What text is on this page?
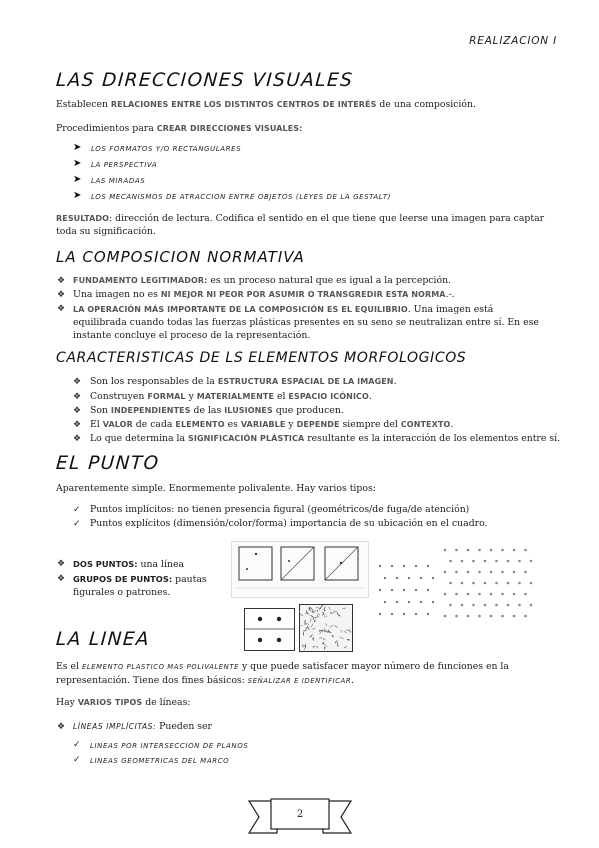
REALIZACION I
LAS DIRECCIONES VISUALES
Establecen RELACIONES ENTRE LOS DISTINTOS CENTROS DE INTERÉS de una composición.
Procedimientos para CREAR DIRECCIONES VISUALES:
➤ LOS FORMATOS Y/O RECTANGULARES
➤ LA PERSPECTIVA
➤ LAS MIRADAS
➤ LOS MECANISMOS DE ATRACCION ENTRE OBJETOS (LEYES DE LA GESTALT)
RESULTADO: dirección de lectura. Codifica el sentido en el que tiene que leerse una imagen para captar toda su significación.
LA COMPOSICION NORMATIVA
❖ FUNDAMENTO LEGITIMADOR: es un proceso natural que es igual a la percepción.
❖ Una imagen no es NI MEJOR NI PEOR POR ASUMIR O TRANSGREDIR ESTA NORMA.-.
❖ LA OPERACIÓN MÁS IMPORTANTE DE LA COMPOSICIÓN ES EL EQUILIBRIO. Una imagen está equilibrada cuando todas las fuerzas plásticas presentes en su seno se neutralizan entre sí. En ese instante concluye el proceso de la representación.
CARACTERISTICAS DE LS ELEMENTOS MORFOLOGICOS
❖ Son los responsables de la ESTRUCTURA ESPACIAL DE LA IMAGEN.
❖ Construyen FORMAL y MATERIALMENTE el ESPACIO ICÓNICO.
❖ Son INDEPENDIENTES de las ILUSIONES que producen.
❖ El VALOR de cada ELEMENTO es VARIABLE y DEPENDE siempre del CONTEXTO.
❖ Lo que determina la SIGNIFICACIÓN PLÁSTICA resultante es la interacción de los elementos entre sí.
EL PUNTO
Aparentemente simple. Enormemente polivalente. Hay varios tipos:
✓ Puntos implícitos: no tienen presencia figural (geométricos/de fuga/de atención)
✓ Puntos explícitos (dimensión/color/forma) importancia de su ubicación en el cuadro.
❖ DOS PUNTOS: una línea
❖ GRUPOS DE PUNTOS: pautas figurales o patrones.
LA LINEA
Es el ELEMENTO PLASTICO MAS POLIVALENTE y que puede satisfacer mayor número de funciones en la representación. Tiene dos fines básicos: SEÑALIZAR E IDENTIFICAR.
Hay VARIOS TIPOS de líneas:
❖ LÍNEAS IMPLÍCITAS: Pueden ser
✓ LINEAS POR INTERSECCION DE PLANOS
✓ LINEAS GEOMETRICAS DEL MARCO
2
